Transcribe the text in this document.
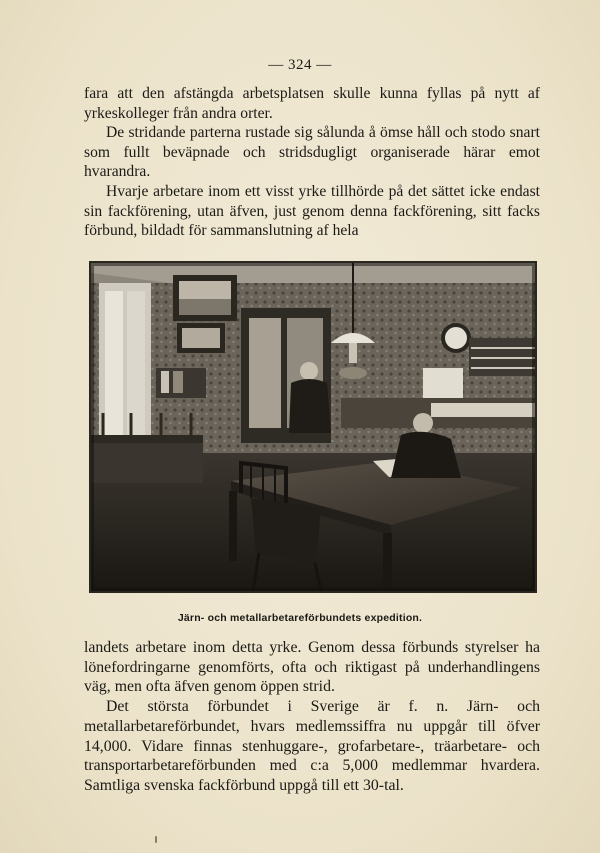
— 324 —

fara att den afstängda arbetsplatsen skulle kunna fyllas på nytt af yrkeskolleger från andra orter.

De stridande parterna rustade sig sålunda å ömse håll och stodo snart som fullt beväpnade och stridsdugligt organiserade härar emot hvarandra.

Hvarje arbetare inom ett visst yrke tillhörde på det sättet icke endast sin fackförening, utan äfven, just genom denna fackförening, sitt facks förbund, bildadt för sammanslutning af hela

Järn- och metallarbetareförbundets expedition.

landets arbetare inom detta yrke. Genom dessa förbunds styrelser ha lönefordringarne genomförts, ofta och riktigast på underhandlingens väg, men ofta äfven genom öppen strid.

Det största förbundet i Sverige är f. n. Järn- och metallarbetareförbundet, hvars medlemssiffra nu uppgår till öfver 14,000. Vidare finnas stenhuggare-, grofarbetare-, träarbetare- och transportarbetareförbunden med c:a 5,000 medlemmar hvardera. Samtliga svenska fackförbund uppgå till ett 30-tal.
